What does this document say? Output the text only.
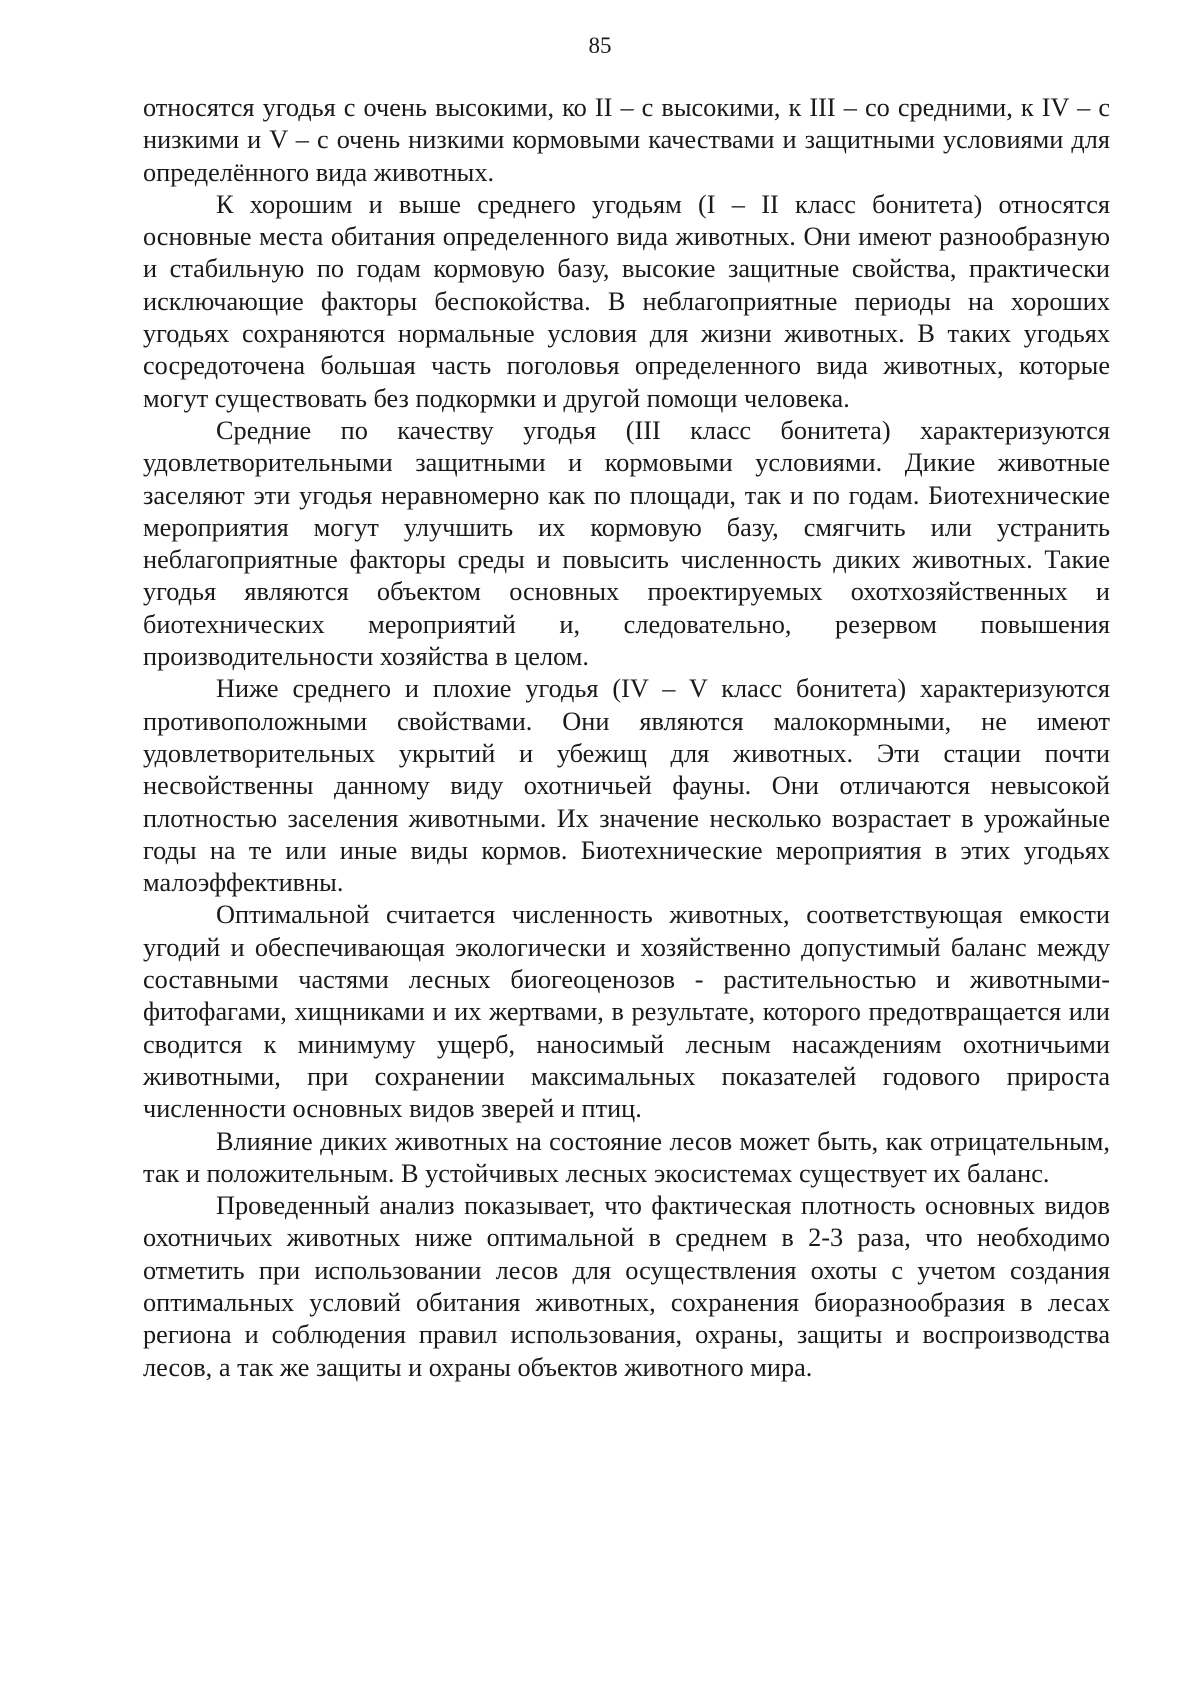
85

относятся угодья с очень высокими, ко II – с высокими, к III – со средними, к IV – с низкими и V – с очень низкими кормовыми качествами и защитными условиями для определённого вида животных.

К хорошим и выше среднего угодьям (I – II класс бонитета) относятся основные места обитания определенного вида животных. Они имеют разнообразную и стабильную по годам кормовую базу, высокие защитные свойства, практически исключающие факторы беспокойства. В неблагоприятные периоды на хороших угодьях сохраняются нормальные условия для жизни животных. В таких угодьях сосредоточена большая часть поголовья определенного вида животных, которые могут существовать без подкормки и другой помощи человека.

Средние по качеству угодья (III класс бонитета) характеризуются удовлетворительными защитными и кормовыми условиями. Дикие животные заселяют эти угодья неравномерно как по площади, так и по годам. Биотехнические мероприятия могут улучшить их кормовую базу, смягчить или устранить неблагоприятные факторы среды и повысить численность диких животных. Такие угодья являются объектом основных проектируемых охотхозяйственных и биотехнических мероприятий и, следовательно, резервом повышения производительности хозяйства в целом.

Ниже среднего и плохие угодья (IV – V класс бонитета) характеризуются противоположными свойствами. Они являются малокормными, не имеют удовлетворительных укрытий и убежищ для животных. Эти стации почти несвойственны данному виду охотничьей фауны. Они отличаются невысокой плотностью заселения животными. Их значение несколько возрастает в урожайные годы на те или иные виды кормов. Биотехнические мероприятия в этих угодьях малоэффективны.

Оптимальной считается численность животных, соответствующая емкости угодий и обеспечивающая экологически и хозяйственно допустимый баланс между составными частями лесных биогеоценозов - растительностью и животными-фитофагами, хищниками и их жертвами, в результате, которого предотвращается или сводится к минимуму ущерб, наносимый лесным насаждениям охотничьими животными, при сохранении максимальных показателей годового прироста численности основных видов зверей и птиц.

Влияние диких животных на состояние лесов может быть, как отрицательным, так и положительным. В устойчивых лесных экосистемах существует их баланс.

Проведенный анализ показывает, что фактическая плотность основных видов охотничьих животных ниже оптимальной в среднем в 2-3 раза, что необходимо отметить при использовании лесов для осуществления охоты с учетом создания оптимальных условий обитания животных, сохранения биоразнообразия в лесах региона и соблюдения правил использования, охраны, защиты и воспроизводства лесов, а так же защиты и охраны объектов животного мира.
